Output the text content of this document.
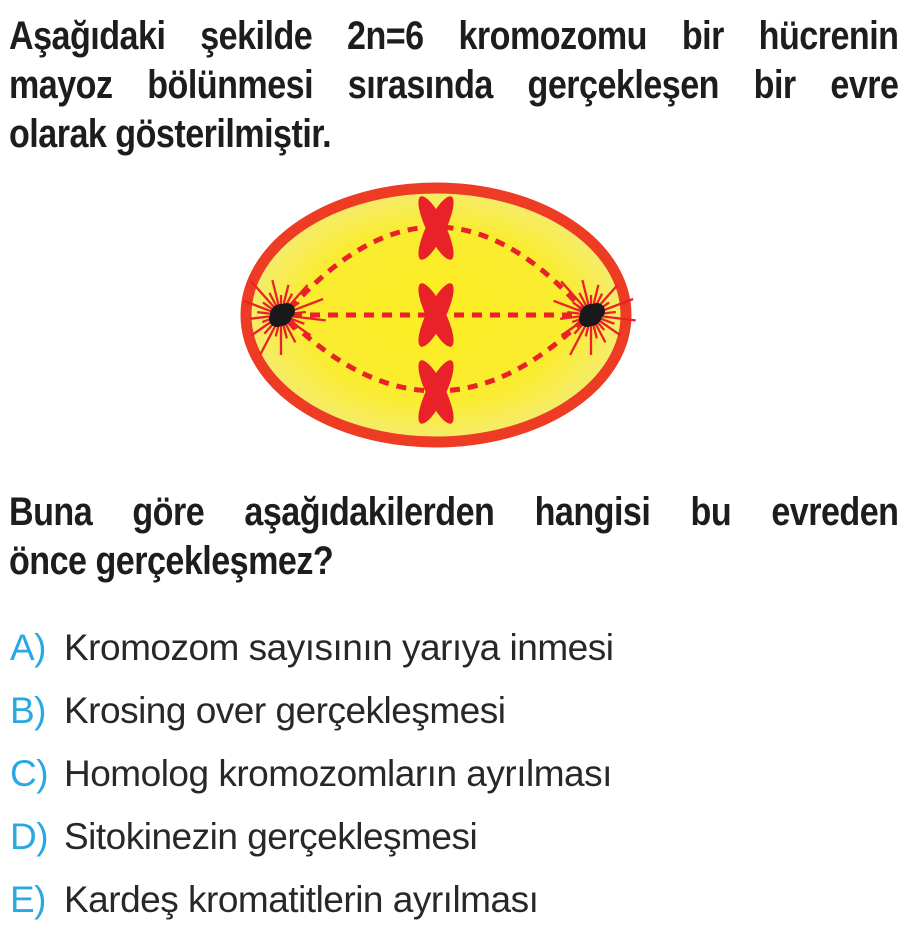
Aşağıdaki şekilde 2n=6 kromozomu bir hücrenin
mayoz bölünmesi sırasında gerçekleşen bir evre
olarak gösterilmiştir.
Buna göre aşağıdakilerden hangisi bu evreden
önce gerçekleşmez?
A) Kromozom sayısının yarıya inmesi
B) Krosing over gerçekleşmesi
C) Homolog kromozomların ayrılması
D) Sitokinezin gerçekleşmesi
E) Kardeş kromatitlerin ayrılması
